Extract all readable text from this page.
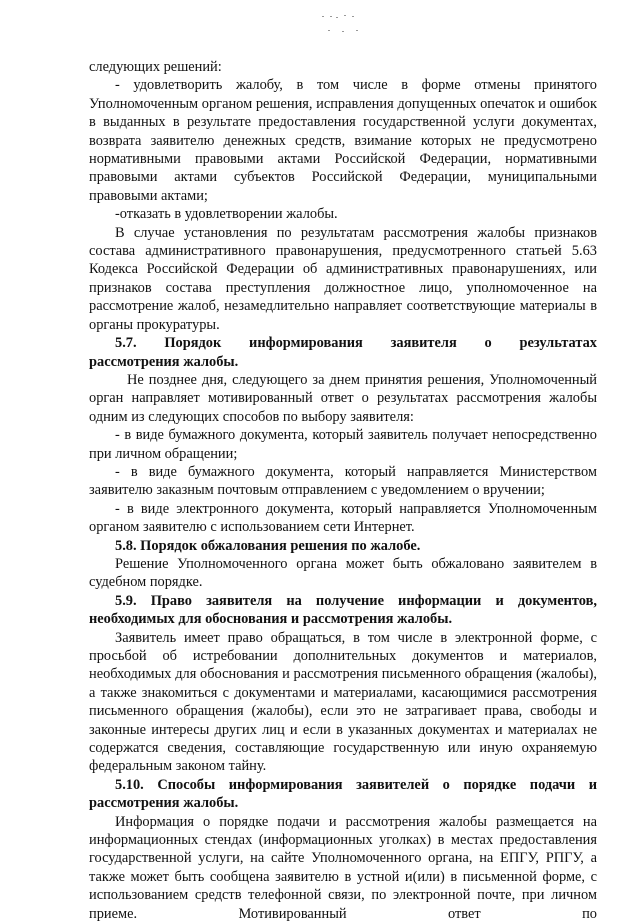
следующих решений:

- удовлетворить жалобу, в том числе в форме отмены принятого Уполномоченным органом решения, исправления допущенных опечаток и ошибок в выданных в результате предоставления государственной услуги документах, возврата заявителю денежных средств, взимание которых не предусмотрено нормативными правовыми актами Российской Федерации, нормативными правовыми актами субъектов Российской Федерации, муниципальными правовыми актами;

-отказать в удовлетворении жалобы.

В случае установления по результатам рассмотрения жалобы признаков состава административного правонарушения, предусмотренного статьей 5.63 Кодекса Российской Федерации об административных правонарушениях, или признаков состава преступления должностное лицо, уполномоченное на рассмотрение жалоб, незамедлительно направляет соответствующие материалы в органы прокуратуры.

5.7. Порядок информирования заявителя о результатах

рассмотрения жалобы.

Не позднее дня, следующего за днем принятия решения, Уполномоченный орган направляет мотивированный ответ о результатах рассмотрения жалобы одним из следующих способов по выбору заявителя:

- в виде бумажного документа, который заявитель получает непосредственно при личном обращении;

- в виде бумажного документа, который направляется Министерством заявителю заказным почтовым отправлением с уведомлением о вручении;

- в виде электронного документа, который направляется Уполномоченным органом заявителю с использованием сети Интернет.

5.8. Порядок обжалования решения по жалобе.

Решение Уполномоченного органа может быть обжаловано заявителем в судебном порядке.

5.9. Право заявителя на получение информации и документов,

необходимых для обоснования и рассмотрения жалобы.

Заявитель имеет право обращаться, в том числе в электронной форме, с просьбой об истребовании дополнительных документов и материалов, необходимых для обоснования и рассмотрения письменного обращения (жалобы), а также знакомиться с документами и материалами, касающимися рассмотрения письменного обращения (жалобы), если это не затрагивает права, свободы и законные интересы других лиц и если в указанных документах и материалах не содержатся сведения, составляющие государственную или иную охраняемую федеральным законом тайну.

5.10. Способы информирования заявителей о порядке подачи и

рассмотрения жалобы.

Информация о порядке подачи и рассмотрения жалобы размещается на информационных стендах (информационных уголках) в местах предоставления государственной услуги, на сайте Уполномоченного органа, на ЕПГУ, РПГУ, а также может быть сообщена заявителю в устной и(или) в письменной форме, с использованием средств телефонной связи, по электронной почте, при личном приеме. Мотивированный ответ по
